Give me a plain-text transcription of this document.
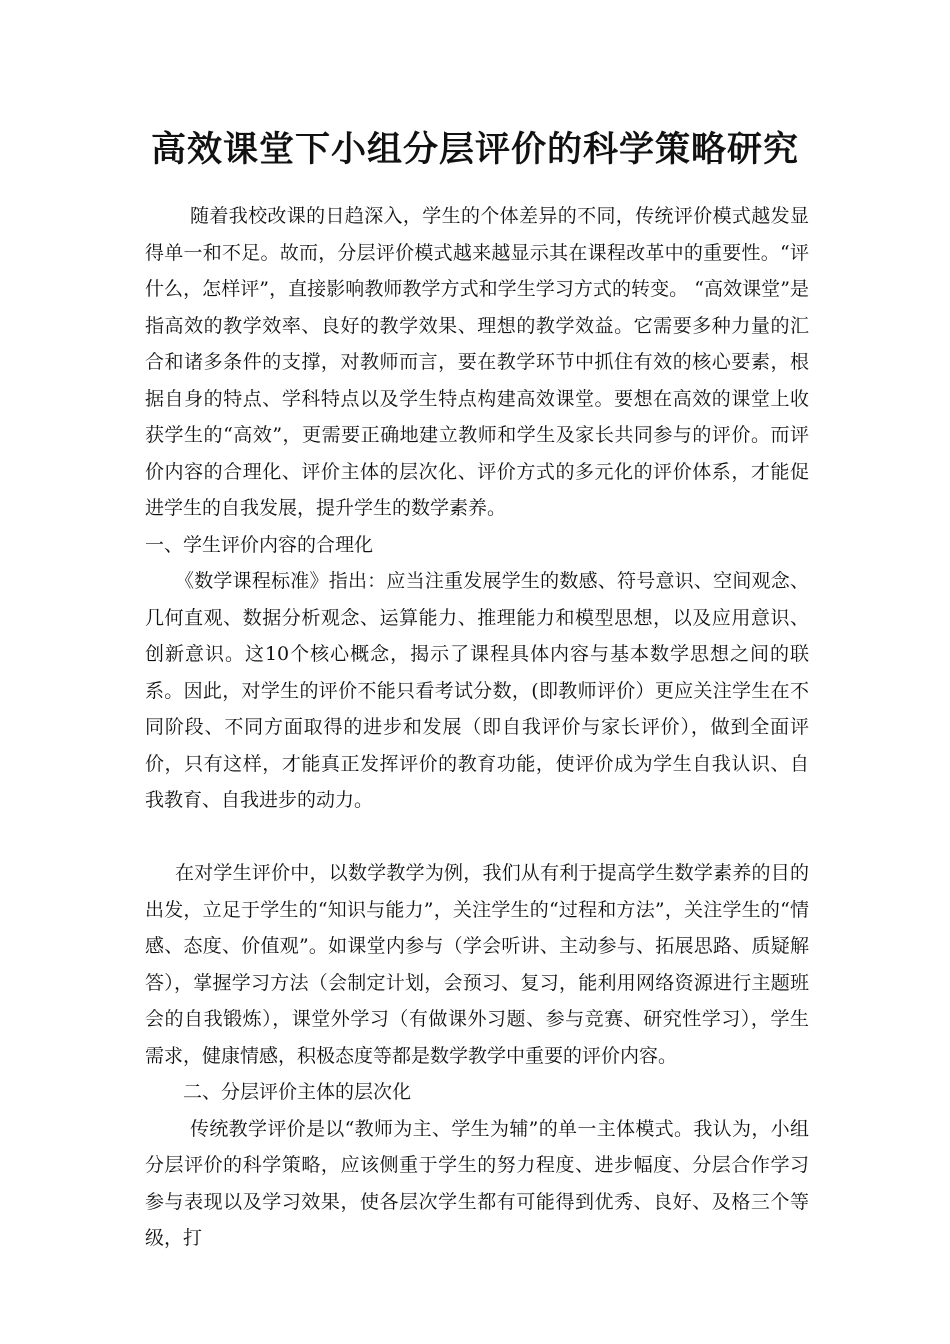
高效课堂下小组分层评价的科学策略研究

随着我校改课的日趋深入，学生的个体差异的不同，传统评价模式越发显得单一和不足。故而，分层评价模式越来越显示其在课程改革中的重要性。“评什么，怎样评”，直接影响教师教学方式和学生学习方式的转变。 “高效课堂”是指高效的教学效率、良好的教学效果、理想的教学效益。它需要多种力量的汇合和诸多条件的支撑，对教师而言，要在教学环节中抓住有效的核心要素，根据自身的特点、学科特点以及学生特点构建高效课堂。要想在高效的课堂上收获学生的“高效”，更需要正确地建立教师和学生及家长共同参与的评价。而评价内容的合理化、评价主体的层次化、评价方式的多元化的评价体系，才能促进学生的自我发展，提升学生的数学素养。

一、学生评价内容的合理化

《数学课程标准》指出：应当注重发展学生的数感、符号意识、空间观念、几何直观、数据分析观念、运算能力、推理能力和模型思想，以及应用意识、创新意识。这10个核心概念，揭示了课程具体内容与基本数学思想之间的联系。因此，对学生的评价不能只看考试分数，(即教师评价）更应关注学生在不同阶段、不同方面取得的进步和发展（即自我评价与家长评价），做到全面评价，只有这样，才能真正发挥评价的教育功能，使评价成为学生自我认识、自我教育、自我进步的动力。

在对学生评价中，以数学教学为例，我们从有利于提高学生数学素养的目的出发，立足于学生的“知识与能力”，关注学生的“过程和方法”，关注学生的“情感、态度、价值观”。如课堂内参与（学会听讲、主动参与、拓展思路、质疑解答），掌握学习方法（会制定计划，会预习、复习，能利用网络资源进行主题班会的自我锻炼），课堂外学习（有做课外习题、参与竞赛、研究性学习），学生需求，健康情感，积极态度等都是数学教学中重要的评价内容。

二、分层评价主体的层次化

传统教学评价是以“教师为主、学生为辅”的单一主体模式。我认为，小组分层评价的科学策略，应该侧重于学生的努力程度、进步幅度、分层合作学习参与表现以及学习效果，使各层次学生都有可能得到优秀、良好、及格三个等级，打
